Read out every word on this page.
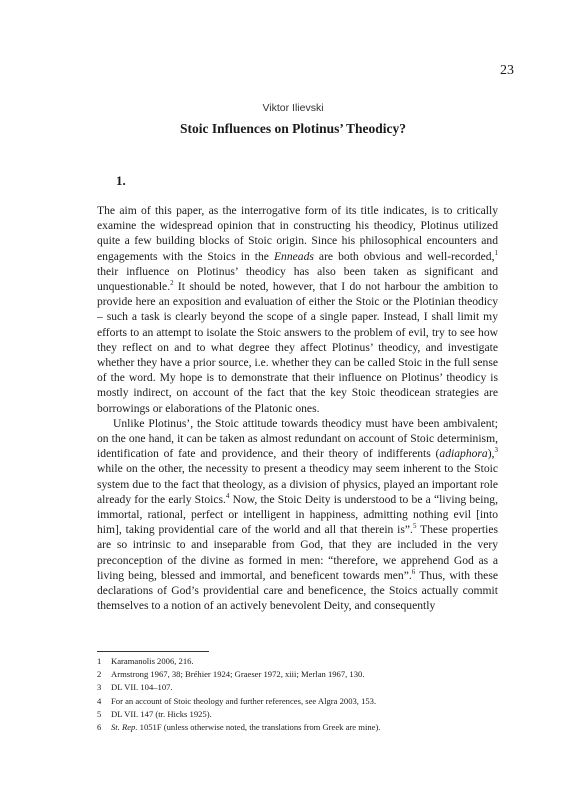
23
Viktor Ilievski
Stoic Influences on Plotinus’ Theodicy?
1.

The aim of this paper, as the interrogative form of its title indicates, is to critically examine the widespread opinion that in constructing his theodicy, Plotinus utilized quite a few building blocks of Stoic origin. Since his philosophical encounters and engagements with the Stoics in the Enneads are both obvious and well-recorded,$^1$ their influence on Plotinus’ theodicy has also been taken as significant and unquestionable.$^2$ It should be noted, however, that I do not harbour the ambition to provide here an exposition and evaluation of either the Stoic or the Plotinian theodicy – such a task is clearly beyond the scope of a single paper. Instead, I shall limit my efforts to an attempt to isolate the Stoic answers to the problem of evil, try to see how they reflect on and to what degree they affect Plotinus’ theodicy, and investigate whether they have a prior source, i.e. whether they can be called Stoic in the full sense of the word. My hope is to demonstrate that their influence on Plotinus’ theodicy is mostly indirect, on account of the fact that the key Stoic theodicean strategies are borrowings or elaborations of the Platonic ones.

Unlike Plotinus’, the Stoic attitude towards theodicy must have been ambivalent; on the one hand, it can be taken as almost redundant on account of Stoic determinism, identification of fate and providence, and their theory of indifferents (adiaphora),$^3$ while on the other, the necessity to present a theodicy may seem inherent to the Stoic system due to the fact that theology, as a division of physics, played an important role already for the early Stoics.$^4$ Now, the Stoic Deity is understood to be a “living being, immortal, rational, perfect or intelligent in happiness, admitting nothing evil [into him], taking providential care of the world and all that therein is”.$^5$ These properties are so intrinsic to and inseparable from God, that they are included in the very preconception of the divine as formed in men: “therefore, we apprehend God as a living being, blessed and immortal, and beneficent towards men”.$^6$ Thus, with these declarations of God’s providential care and beneficence, the Stoics actually commit themselves to a notion of an actively benevolent Deity, and consequently

1	Karamanolis 2006, 216.
2	Armstrong 1967, 38; Bréhier 1924; Graeser 1972, xiii; Merlan 1967, 130.
3	DL VII. 104–107.
4	For an account of Stoic theology and further references, see Algra 2003, 153.
5	DL VII. 147 (tr. Hicks 1925).
6	St. Rep. 1051F (unless otherwise noted, the translations from Greek are mine).
